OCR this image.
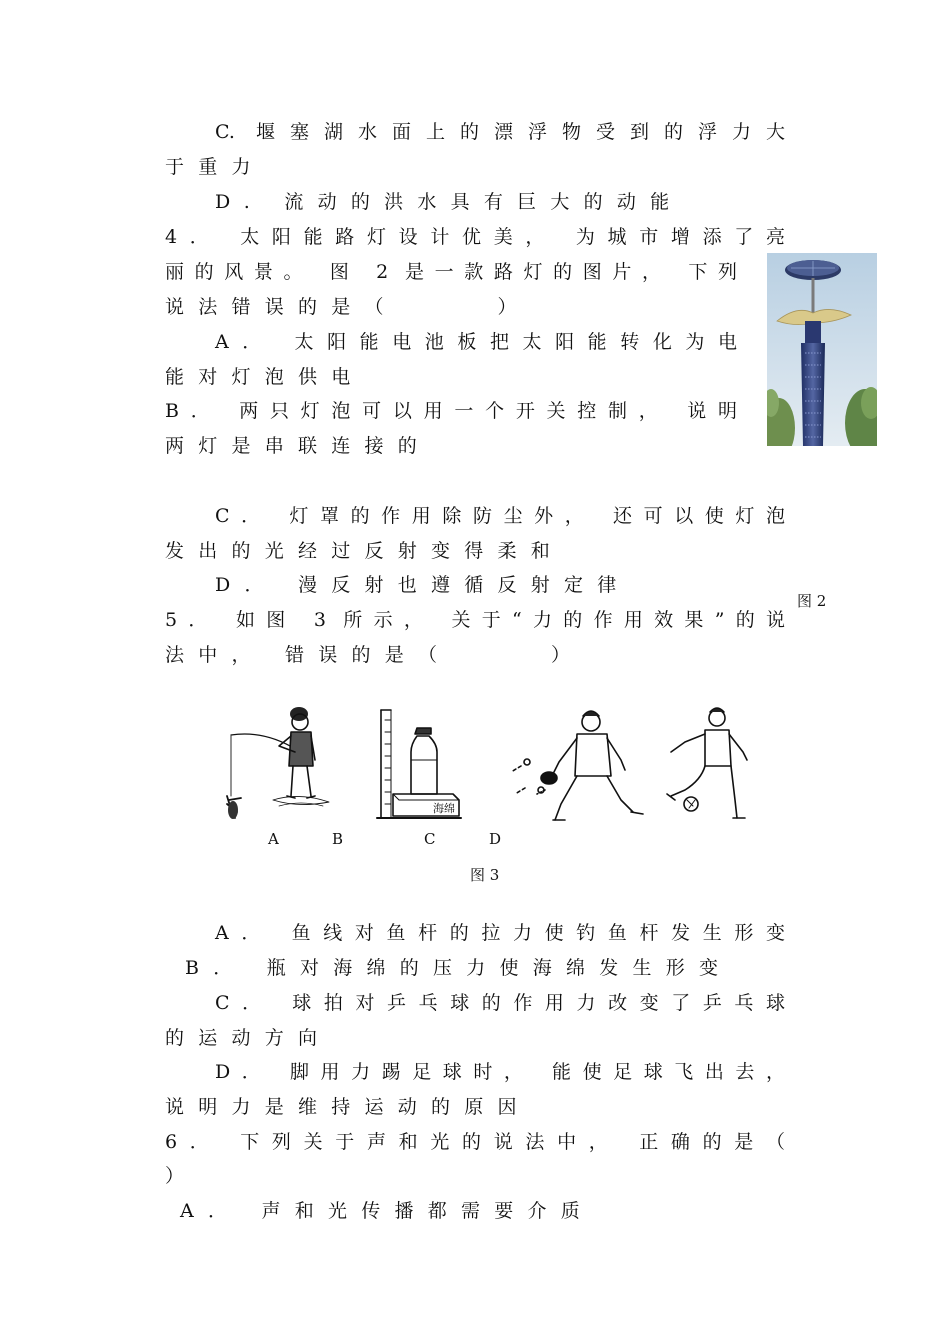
C. 堰塞湖水面上的漂浮物受到的浮力大
于重力
D. 流动的洪水具有巨大的动能
4． 太阳能路灯设计优美， 为城市增添了亮
丽的风景。 图 2 是一款路灯的图片， 下列
说法错误的是（　　　）
A． 太阳能电池板把太阳能转化为电
能对灯泡供电
B． 两只灯泡可以用一个开关控制， 说明
两灯是串联连接的
C． 灯罩的作用除防尘外， 还可以使灯泡
发出的光经过反射变得柔和
D． 漫反射也遵循反射定律
图 2
5． 如图 3 所示， 关于“力的作用效果”的说
法中， 错误的是（　　　）
海绵
A	B	C	D
图 3
A． 鱼线对鱼杆的拉力使钓鱼杆发生形变
B． 瓶对海绵的压力使海绵发生形变
C． 球拍对乒乓球的作用力改变了乒乓球
的运动方向
D． 脚用力踢足球时， 能使足球飞出去，
说明力是维持运动的原因
6． 下列关于声和光的说法中， 正确的是（
）
A． 声和光传播都需要介质
